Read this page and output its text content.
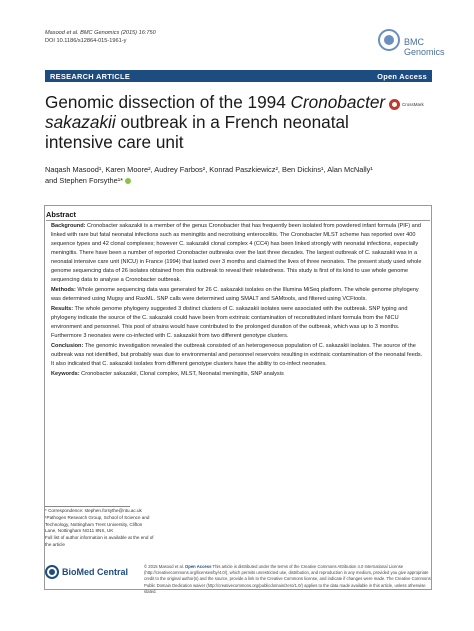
Masood et al. BMC Genomics (2015) 16:750
DOI 10.1186/s12864-015-1961-y	BMC
Genomics
RESEARCH ARTICLE	Open Access
Genomic dissection of the 1994 Cronobacter sakazakii outbreak in a French neonatal intensive care unit
CrossMark
Naqash Masood¹, Karen Moore², Audrey Farbos², Konrad Paszkiewicz², Ben Dickins¹, Alan McNally¹ and Stephen Forsythe¹*
Abstract

Background: Cronobacter sakazakii is a member of the genus Cronobacter that has frequently been isolated from powdered infant formula (PIF) and linked with rare but fatal neonatal infections such as meningitis and necrotising enterocolitis. The Cronobacter MLST scheme has reported over 400 sequence types and 42 clonal complexes; however C. sakazakii clonal complex 4 (CC4) has been linked strongly with neonatal infections, especially meningitis. There have been a number of reported Cronobacter outbreaks over the last three decades. The largest outbreak of C. sakazakii was in a neonatal intensive care unit (NICU) in France (1994) that lasted over 3 months and claimed the lives of three neonates. The present study used whole genome sequencing data of 26 isolates obtained from this outbreak to reveal their relatedness. This study is first of its kind to use whole genome sequencing data to analyse a Cronobacter outbreak.

Methods: Whole genome sequencing data was generated for 26 C. sakazakii isolates on the Illumina MiSeq platform. The whole genome phylogeny was determined using Mugsy and RaxML. SNP calls were determined using SMALT and SAMtools, and filtered using VCFtools.

Results: The whole genome phylogeny suggested 3 distinct clusters of C. sakazakii isolates were associated with the outbreak. SNP typing and phylogeny indicate the source of the C. sakazakii could have been from extrinsic contamination of reconstituted infant formula from the NICU environment and personnel. This pool of strains would have contributed to the prolonged duration of the outbreak, which was up to 3 months. Furthermore 3 neonates were co-infected with C. sakazakii from two different genotype clusters.

Conclusion: The genomic investigation revealed the outbreak consisted of an heterogeneous population of C. sakazakii isolates. The source of the outbreak was not identified, but probably was due to environmental and personnel reservoirs resulting in extrinsic contamination of the neonatal feeds. It also indicated that C. sakazakii isolates from different genotype clusters have the ability to co-infect neonates.

Keywords: Cronobacter sakazakii, Clonal complex, MLST, Neonatal meningitis, SNP analysis

* Correspondence: stephen.forsythe@ntu.ac.uk
¹Pathogen Research Group, School of Science and Technology, Nottingham Trent University, Clifton Lane, Nottingham NG11 8NS, UK
Full list of author information is available at the end of the article
BioMed Central
© 2015 Masood et al. Open Access This article is distributed under the terms of the Creative Commons Attribution 4.0 International License (http://creativecommons.org/licenses/by/4.0/), which permits unrestricted use, distribution, and reproduction in any medium, provided you give appropriate credit to the original author(s) and the source, provide a link to the Creative Commons license, and indicate if changes were made. The Creative Commons Public Domain Dedication waiver (http://creativecommons.org/publicdomain/zero/1.0/) applies to the data made available in this article, unless otherwise stated.
